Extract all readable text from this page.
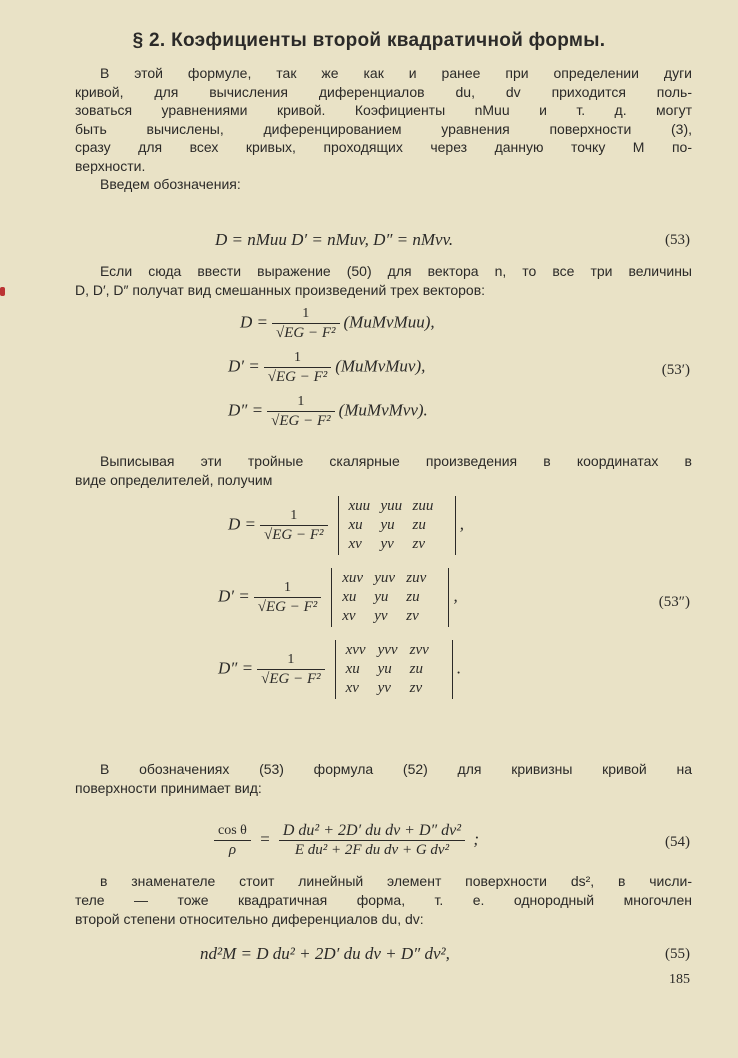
§ 2. Коэфициенты второй квадратичной формы.
В этой формуле, так же как и ранее при определении дуги
кривой, для вычисления диференциалов du, dv приходится поль-
зоваться уравнениями кривой. Коэфициенты nMuu и т. д. могут
быть вычислены, диференцированием уравнения поверхности (3),
сразу для всех кривых, проходящих через данную точку M по-
верхности.
Введем обозначения:
D = nMuu D′ = nMuv, D″ = nMvv.	(53)
Если сюда ввести выражение (50) для вектора n, то все три величины
D, D′, D″ получат вид смешанных произведений трех векторов:
$D = \frac{1}{\text{√EG − F²}}$ (MuMvMuu),
$D' = \frac{1}{\text{√EG − F²}}$ (MuMvMuv),
$D'' = \frac{1}{\text{√EG − F²}}$ (MuMvMvv).
(53′)
Выписывая эти тройные скалярные произведения в координатах в
виде определителей, получим
$D = \frac{1}{\text{√EG − F²}}$
xuu yuu zuu
xu yu zu
xv yv zv
,
$D' = \frac{1}{\text{√EG − F²}}$
xuv yuv zuv
xu yu zu
xv yv zv
,
$D'' = \frac{1}{\text{√EG − F²}}$
xvv yvv zvv
xu yu zu
xv yv zv
.
(53″)
В обозначениях (53) формула (52) для кривизны кривой на
поверхности принимает вид:
$\frac{\text{cos θ}}{\rho} = \frac{\text{D du² + 2D′ du dv + D″ dv²}}{\text{E du² + 2F du dv + G dv²}}$ ;	(54)
в знаменателе стоит линейный элемент поверхности ds², в числи-
теле — тоже квадратичная форма, т. е. однородный многочлен
второй степени относительно диференциалов du, dv:
nd²M = D du² + 2D′ du dv + D″ dv²,	(55)
185
